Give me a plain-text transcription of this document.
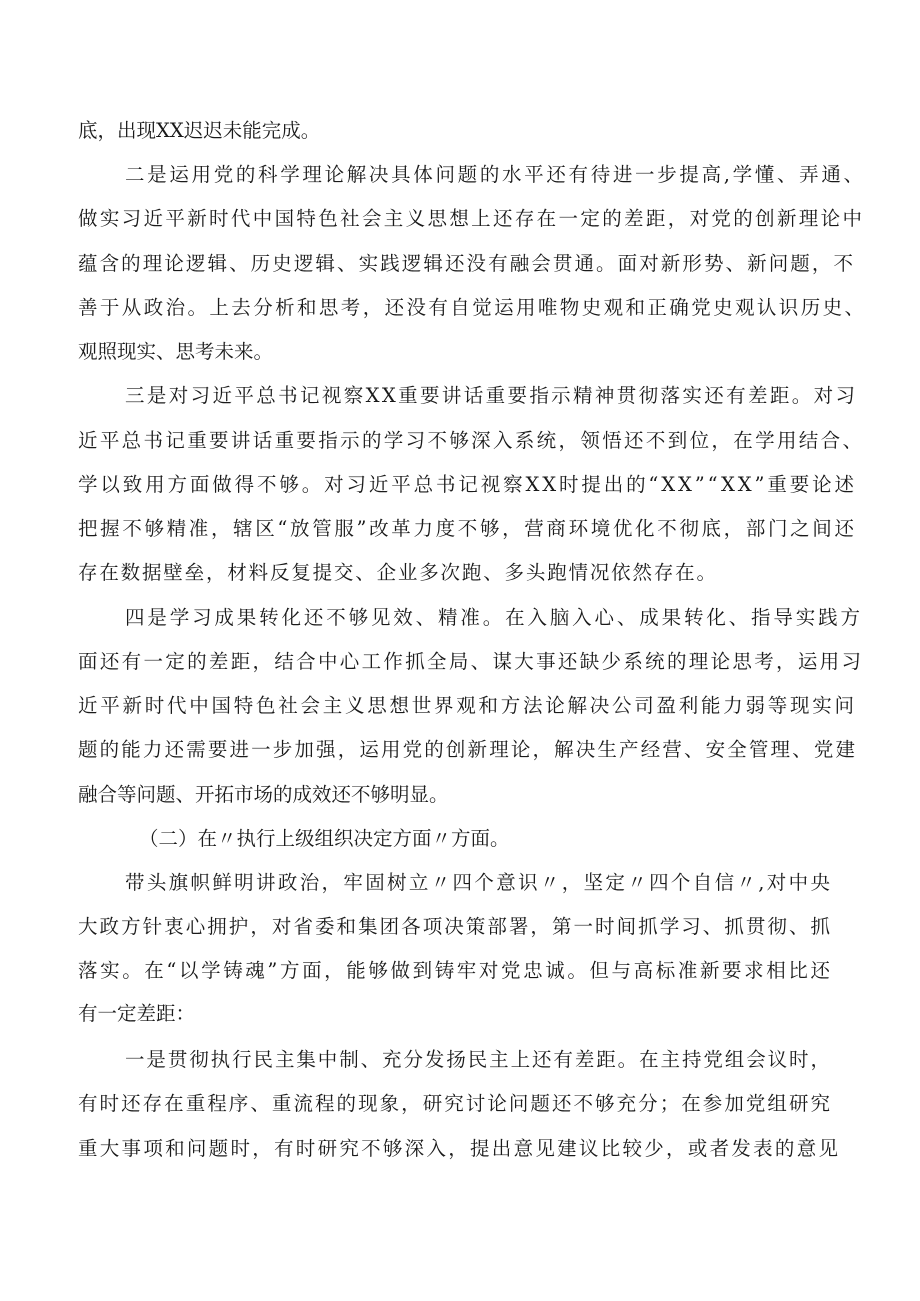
底，出现XX迟迟未能完成。
二是运用党的科学理论解决具体问题的水平还有待进一步提高,学懂、弄通、
做实习近平新时代中国特色社会主义思想上还存在一定的差距，对党的创新理论中
蕴含的理论逻辑、历史逻辑、实践逻辑还没有融会贯通。面对新形势、新问题，不
善于从政治。上去分析和思考，还没有自觉运用唯物史观和正确党史观认识历史、
观照现实、思考未来。
三是对习近平总书记视察XX重要讲话重要指示精神贯彻落实还有差距。对习
近平总书记重要讲话重要指示的学习不够深入系统，领悟还不到位，在学用结合、
学以致用方面做得不够。对习近平总书记视察XX时提出的“XX”“XX”重要论述
把握不够精准，辖区“放管服”改革力度不够，营商环境优化不彻底，部门之间还
存在数据壁垒，材料反复提交、企业多次跑、多头跑情况依然存在。
四是学习成果转化还不够见效、精准。在入脑入心、成果转化、指导实践方
面还有一定的差距，结合中心工作抓全局、谋大事还缺少系统的理论思考，运用习
近平新时代中国特色社会主义思想世界观和方法论解决公司盈利能力弱等现实问
题的能力还需要进一步加强，运用党的创新理论，解决生产经营、安全管理、党建
融合等问题、开拓市场的成效还不够明显。
（二）在〃执行上级组织决定方面〃方面。
带头旗帜鲜明讲政治，牢固树立〃四个意识〃，坚定〃四个自信〃,对中央
大政方针衷心拥护，对省委和集团各项决策部署，第一时间抓学习、抓贯彻、抓
落实。在“以学铸魂”方面，能够做到铸牢对党忠诚。但与高标准新要求相比还
有一定差距：
一是贯彻执行民主集中制、充分发扬民主上还有差距。在主持党组会议时，
有时还存在重程序、重流程的现象，研究讨论问题还不够充分；在参加党组研究
重大事项和问题时，有时研究不够深入，提出意见建议比较少，或者发表的意见
